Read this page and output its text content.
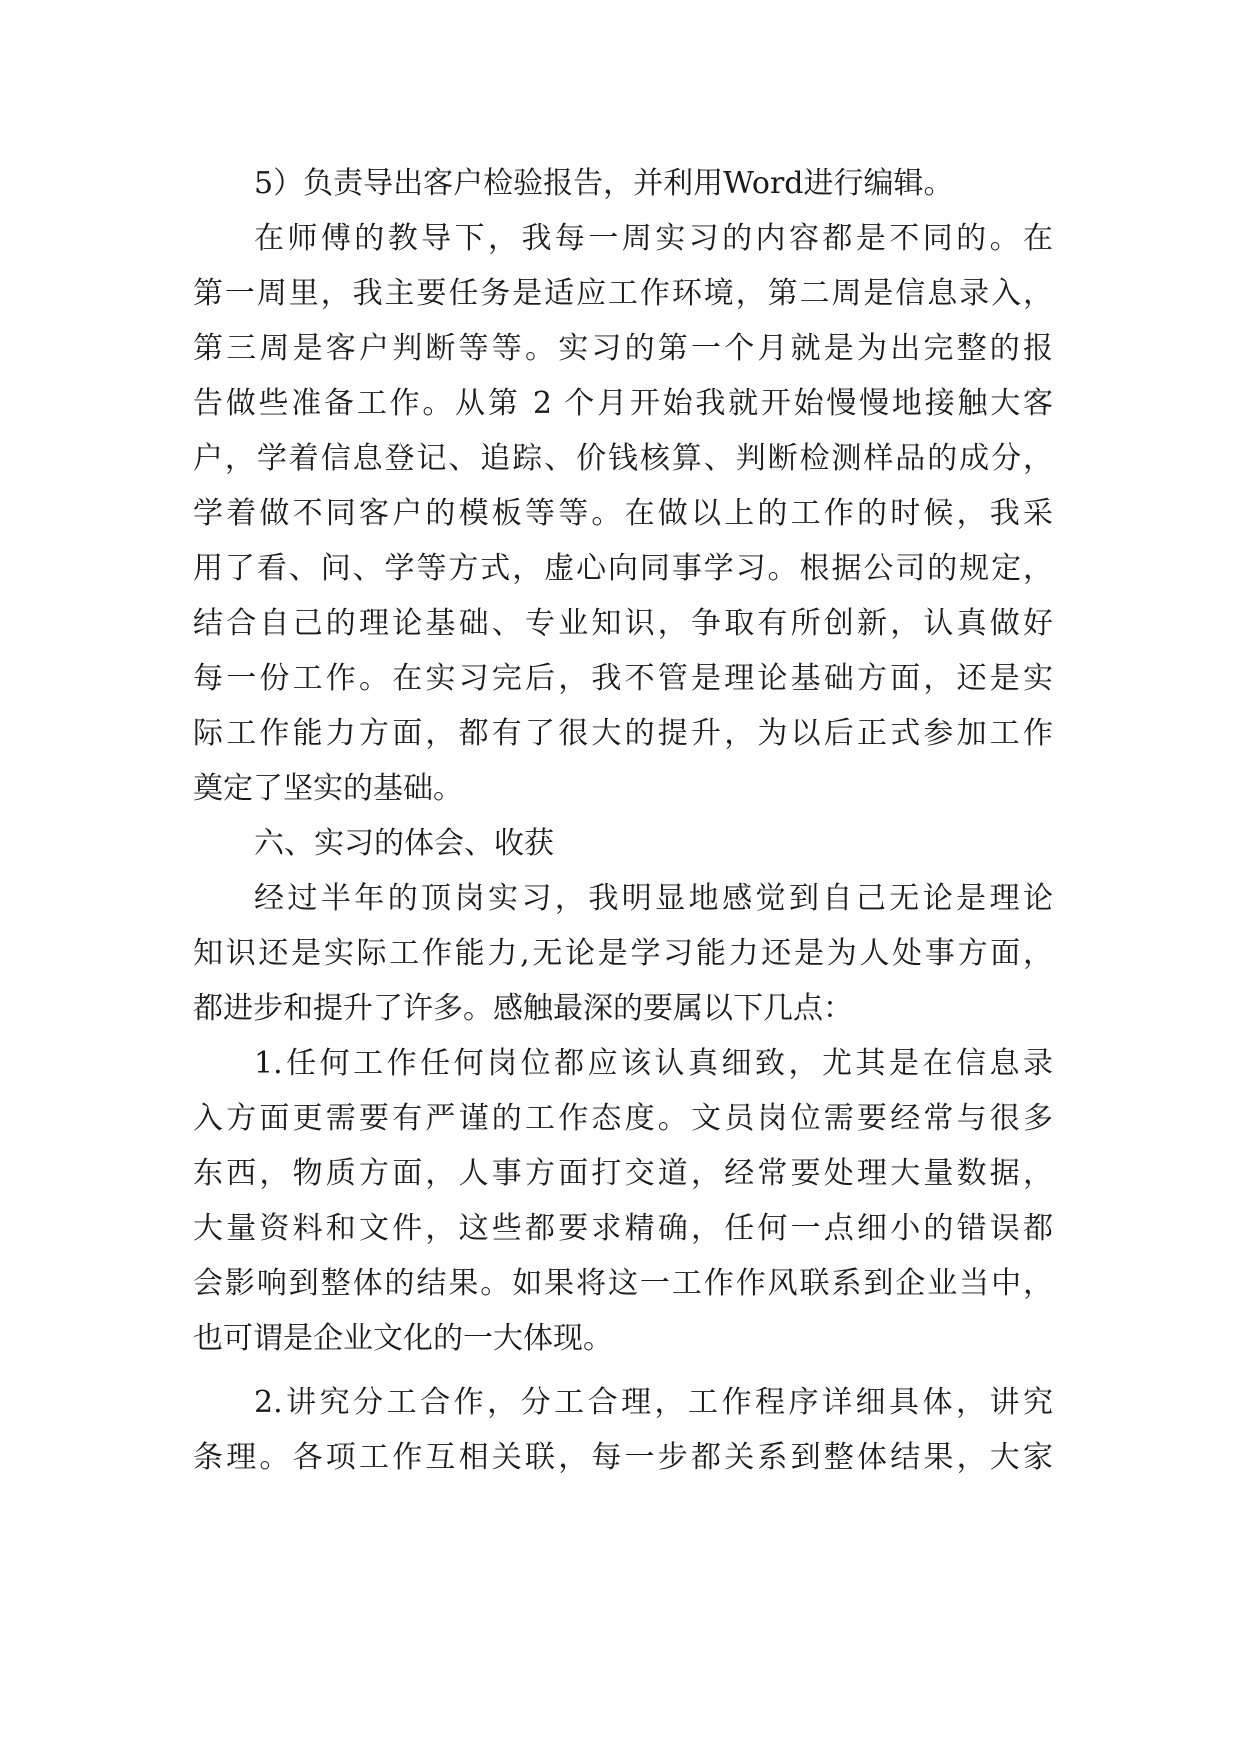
5）负责导出客户检验报告，并利用Word进行编辑。
在师傅的教导下，我每一周实习的内容都是不同的。在
第一周里，我主要任务是适应工作环境，第二周是信息录入，
第三周是客户判断等等。实习的第一个月就是为出完整的报
告做些准备工作。从第 2 个月开始我就开始慢慢地接触大客
户，学着信息登记、追踪、价钱核算、判断检测样品的成分，
学着做不同客户的模板等等。在做以上的工作的时候，我采
用了看、问、学等方式，虚心向同事学习。根据公司的规定，
结合自己的理论基础、专业知识，争取有所创新，认真做好
每一份工作。在实习完后，我不管是理论基础方面，还是实
际工作能力方面，都有了很大的提升，为以后正式参加工作
奠定了坚实的基础。
六、实习的体会、收获
经过半年的顶岗实习，我明显地感觉到自己无论是理论
知识还是实际工作能力,无论是学习能力还是为人处事方面，
都进步和提升了许多。感触最深的要属以下几点：
1.任何工作任何岗位都应该认真细致，尤其是在信息录
入方面更需要有严谨的工作态度。文员岗位需要经常与很多
东西，物质方面，人事方面打交道，经常要处理大量数据，
大量资料和文件，这些都要求精确，任何一点细小的错误都
会影响到整体的结果。如果将这一工作作风联系到企业当中，
也可谓是企业文化的一大体现。
2.讲究分工合作，分工合理，工作程序详细具体，讲究
条理。各项工作互相关联，每一步都关系到整体结果，大家
